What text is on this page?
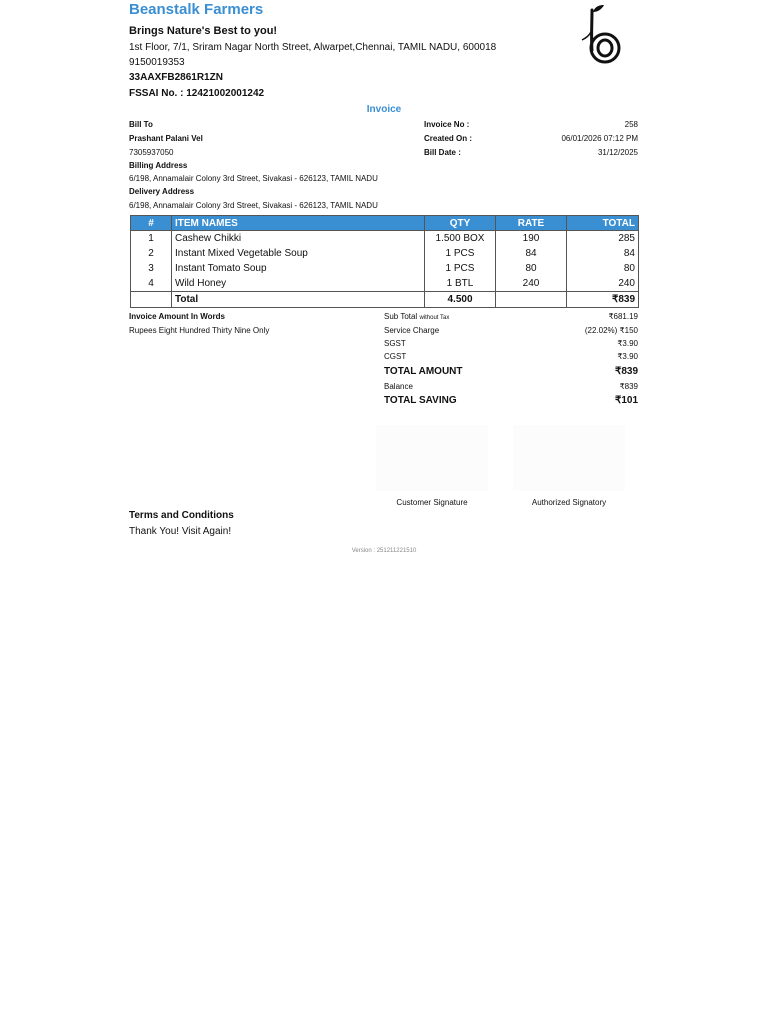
Beanstalk Farmers
Brings Nature's Best to you!
1st Floor, 7/1, Sriram Nagar North Street, Alwarpet,Chennai, TAMIL NADU, 600018
9150019353
33AAXFB2861R1ZN
FSSAI No. : 12421002001242
Invoice
Bill To
Prashant Palani Vel
7305937050
Billing Address
6/198, Annamalair Colony 3rd Street, Sivakasi - 626123, TAMIL NADU
Delivery Address
6/198, Annamalair Colony 3rd Street, Sivakasi - 626123, TAMIL NADU
Invoice No :	258
Created On :	06/01/2026 07:12 PM
Bill Date :	31/12/2025
#	ITEM NAMES	QTY	RATE	TOTAL
1	Cashew Chikki	1.500 BOX	190	285
2	Instant Mixed Vegetable Soup	1 PCS	84	84
3	Instant Tomato Soup	1 PCS	80	80
4	Wild Honey	1 BTL	240	240
	Total	4.500		₹839
Invoice Amount In Words
Rupees Eight Hundred Thirty Nine Only
Sub Total without Tax	₹681.19
Service Charge	(22.02%) ₹150
SGST	₹3.90
CGST	₹3.90
TOTAL AMOUNT	₹839
Balance	₹839
TOTAL SAVING	₹101
Customer Signature	Authorized Signatory
Terms and Conditions
Thank You! Visit Again!
Version : 251211221510
